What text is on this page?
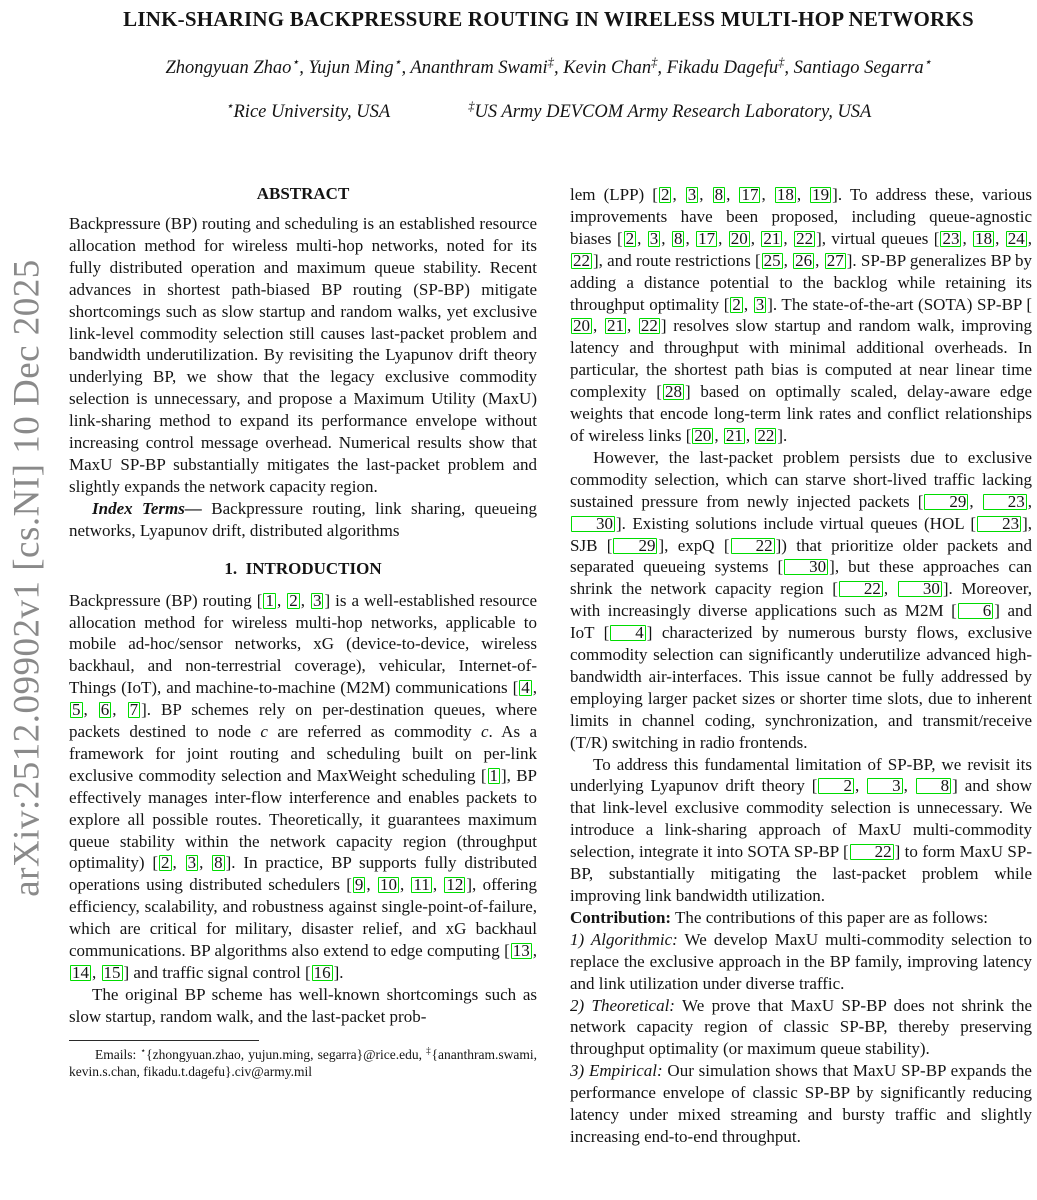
arXiv:2512.09902v1 [cs.NI] 10 Dec 2025
LINK-SHARING BACKPRESSURE ROUTING IN WIRELESS MULTI-HOP NETWORKS
Zhongyuan Zhao⋆, Yujun Ming⋆, Ananthram Swami‡, Kevin Chan‡, Fikadu Dagefu‡, Santiago Segarra⋆
⋆Rice University, USA	‡US Army DEVCOM Army Research Laboratory, USA

ABSTRACT

Backpressure (BP) routing and scheduling is an established resource allocation method for wireless multi-hop networks, noted for its fully distributed operation and maximum queue stability. Recent advances in shortest path-biased BP routing (SP-BP) mitigate shortcomings such as slow startup and random walks, yet exclusive link-level commodity selection still causes last-packet problem and bandwidth underutilization. By revisiting the Lyapunov drift theory underlying BP, we show that the legacy exclusive commodity selection is unnecessary, and propose a Maximum Utility (MaxU) link-sharing method to expand its performance envelope without increasing control message overhead. Numerical results show that MaxU SP-BP substantially mitigates the last-packet problem and slightly expands the network capacity region.

Index Terms— Backpressure routing, link sharing, queueing networks, Lyapunov drift, distributed algorithms

1.  INTRODUCTION

Backpressure (BP) routing [ 1 , 2 , 3 ] is a well-established resource allocation method for wireless multi-hop networks, applicable to mobile ad-hoc/sensor networks, xG (device-to-device, wireless backhaul, and non-terrestrial coverage), vehicular, Internet-of-Things (IoT), and machine-to-machine (M2M) communications [ 4 , 5 , 6 , 7 ]. BP schemes rely on per-destination queues, where packets destined to node c are referred as commodity c. As a framework for joint routing and scheduling built on per-link exclusive commodity selection and MaxWeight scheduling [ 1 ], BP effectively manages inter-flow interference and enables packets to explore all possible routes. Theoretically, it guarantees maximum queue stability within the network capacity region (throughput optimality) [ 2 , 3 , 8 ]. In practice, BP supports fully distributed operations using distributed schedulers [ 9 , 10 , 11 , 12 ], offering efficiency, scalability, and robustness against single-point-of-failure, which are critical for military, disaster relief, and xG backhaul communications. BP algorithms also extend to edge computing [ 13 , 14 , 15 ] and traffic signal control [ 16 ].

The original BP scheme has well-known shortcomings such as slow startup, random walk, and the last-packet prob-

Emails: ⋆{zhongyuan.zhao, yujun.ming, segarra}@rice.edu, ‡{ananthram.swami, kevin.s.chan, fikadu.t.dagefu}.civ@army.mil

lem (LPP) [ 2 , 3 , 8 , 17 , 18 , 19 ]. To address these, various improvements have been proposed, including queue-agnostic biases [ 2 , 3 , 8 , 17 , 20 , 21 , 22 ], virtual queues [ 23 , 18 , 24 , 22 ], and route restrictions [ 25 , 26 , 27 ]. SP-BP generalizes BP by adding a distance potential to the backlog while retaining its throughput optimality [ 2 , 3 ]. The state-of-the-art (SOTA) SP-BP [20 , 21 , 22 ] resolves slow startup and random walk, improving latency and throughput with minimal additional overheads. In particular, the shortest path bias is computed at near linear time complexity [ 28 ] based on optimally scaled, delay-aware edge weights that encode long-term link rates and conflict relationships of wireless links [ 20 , 21 , 22 ].

However, the last-packet problem persists due to exclusive commodity selection, which can starve short-lived traffic lacking sustained pressure from newly injected packets [ 29 , 23 , 30 ]. Existing solutions include virtual queues (HOL [ 23 ], SJB [ 29 ], expQ [ 22 ]) that prioritize older packets and separated queueing systems [ 30 ], but these approaches can shrink the network capacity region [ 22 , 30 ]. Moreover, with increasingly diverse applications such as M2M [ 6 ] and IoT [ 4 ] characterized by numerous bursty flows, exclusive commodity selection can significantly underutilize advanced high-bandwidth air-interfaces. This issue cannot be fully addressed by employing larger packet sizes or shorter time slots, due to inherent limits in channel coding, synchronization, and transmit/receive (T/R) switching in radio frontends.

To address this fundamental limitation of SP-BP, we revisit its underlying Lyapunov drift theory [ 2 , 3 , 8 ] and show that link-level exclusive commodity selection is unnecessary. We introduce a link-sharing approach of MaxU multi-commodity selection, integrate it into SOTA SP-BP [ 22 ] to form MaxU SP-BP, substantially mitigating the last-packet problem while improving link bandwidth utilization.

Contribution: The contributions of this paper are as follows:

1) Algorithmic: We develop MaxU multi-commodity selection to replace the exclusive approach in the BP family, improving latency and link utilization under diverse traffic.

2) Theoretical: We prove that MaxU SP-BP does not shrink the network capacity region of classic SP-BP, thereby preserving throughput optimality (or maximum queue stability).

3) Empirical: Our simulation shows that MaxU SP-BP expands the performance envelope of classic SP-BP by significantly reducing latency under mixed streaming and bursty traffic and slightly increasing end-to-end throughput.
